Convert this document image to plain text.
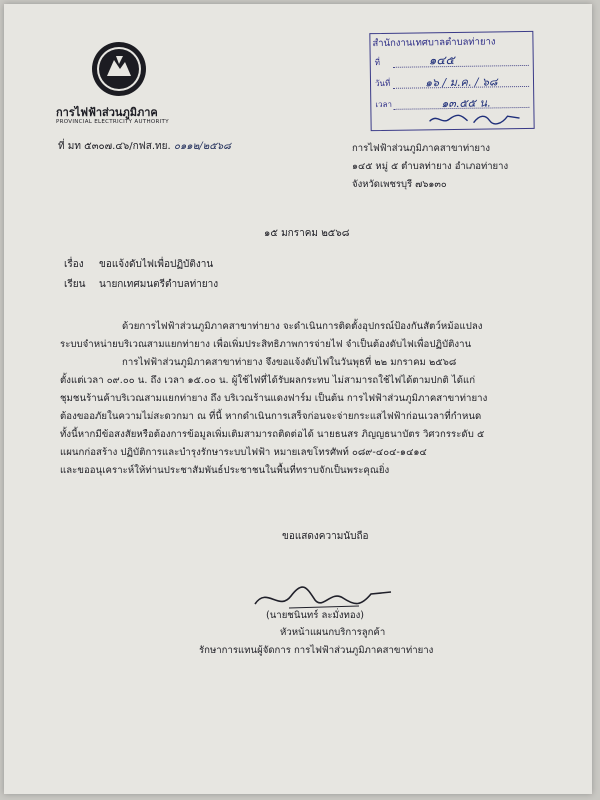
การไฟฟ้าส่วนภูมิภาค
PROVINCIAL ELECTRICITY AUTHORITY
ที่ มท ๕๓๐๗.๔๖/กฟส.ทย. ๐๑๑๒/๒๕๖๘
สำนักงานเทศบาลตำบลท่ายาง
ที่	๑๔๕
วันที่	๑๖ / ม.ค. / ๖๘
เวลา	๑๓.๕๕ น.
การไฟฟ้าส่วนภูมิภาคสาขาท่ายาง
๑๔๕ หมู่ ๕ ตำบลท่ายาง อำเภอท่ายาง
จังหวัดเพชรบุรี ๗๖๑๓๐
๑๕ มกราคม ๒๕๖๘
เรื่อง ขอแจ้งดับไฟเพื่อปฏิบัติงาน
เรียน นายกเทศมนตรีตำบลท่ายาง
ด้วยการไฟฟ้าส่วนภูมิภาคสาขาท่ายาง จะดำเนินการติดตั้งอุปกรณ์ป้องกันสัตว์หม้อแปลง
ระบบจำหน่ายบริเวณสามแยกท่ายาง เพื่อเพิ่มประสิทธิภาพการจ่ายไฟ จำเป็นต้องดับไฟเพื่อปฏิบัติงาน
การไฟฟ้าส่วนภูมิภาคสาขาท่ายาง จึงขอแจ้งดับไฟในวันพุธที่ ๒๒ มกราคม ๒๕๖๘
ตั้งแต่เวลา ๐๙.๐๐ น. ถึง เวลา ๑๕.๐๐ น. ผู้ใช้ไฟที่ได้รับผลกระทบ ไม่สามารถใช้ไฟได้ตามปกติ ได้แก่
ชุมชนร้านค้าบริเวณสามแยกท่ายาง ถึง บริเวณร้านแดงฟาร์ม เป็นต้น การไฟฟ้าส่วนภูมิภาคสาขาท่ายาง
ต้องขออภัยในความไม่สะดวกมา ณ ที่นี้ หากดำเนินการเสร็จก่อนจะจ่ายกระแสไฟฟ้าก่อนเวลาที่กำหนด
ทั้งนี้หากมีข้อสงสัยหรือต้องการข้อมูลเพิ่มเติมสามารถติดต่อได้ นายธนสร ภิญญธนาบัตร วิศวกรระดับ ๕
แผนกก่อสร้าง ปฏิบัติการและบำรุงรักษาระบบไฟฟ้า หมายเลขโทรศัพท์ ๐๘๙-๔๐๔-๑๔๑๔
และขออนุเคราะห์ให้ท่านประชาสัมพันธ์ประชาชนในพื้นที่ทราบจักเป็นพระคุณยิ่ง
ขอแสดงความนับถือ
(นายชนินทร์ ละมั่งทอง)
หัวหน้าแผนกบริการลูกค้า
รักษาการแทนผู้จัดการ การไฟฟ้าส่วนภูมิภาคสาขาท่ายาง
